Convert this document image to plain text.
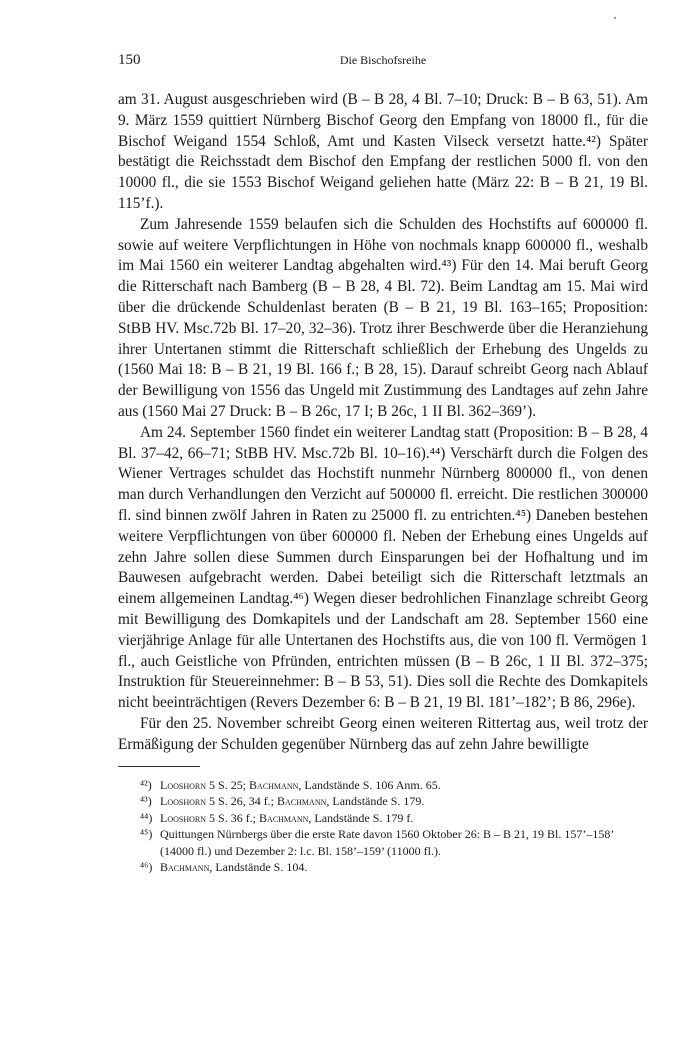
150	Die Bischofsreihe

am 31. August ausgeschrieben wird (B – B 28, 4 Bl. 7–10; Druck: B – B 63, 51). Am 9. März 1559 quittiert Nürnberg Bischof Georg den Empfang von 18000 fl., für die Bischof Weigand 1554 Schloß, Amt und Kasten Vilseck versetzt hatte.⁴²) Später bestätigt die Reichsstadt dem Bischof den Empfang der restlichen 5000 fl. von den 10000 fl., die sie 1553 Bischof Weigand geliehen hatte (März 22: B – B 21, 19 Bl. 115’f.).

Zum Jahresende 1559 belaufen sich die Schulden des Hochstifts auf 600000 fl. sowie auf weitere Verpflichtungen in Höhe von nochmals knapp 600000 fl., weshalb im Mai 1560 ein weiterer Landtag abgehalten wird.⁴³) Für den 14. Mai beruft Georg die Ritterschaft nach Bamberg (B – B 28, 4 Bl. 72). Beim Landtag am 15. Mai wird über die drückende Schuldenlast beraten (B – B 21, 19 Bl. 163–165; Proposition: StBB HV. Msc.72b Bl. 17–20, 32–36). Trotz ihrer Beschwerde über die Heranziehung ihrer Untertanen stimmt die Ritterschaft schließlich der Erhebung des Ungelds zu (1560 Mai 18: B – B 21, 19 Bl. 166 f.; B 28, 15). Darauf schreibt Georg nach Ablauf der Bewilligung von 1556 das Ungeld mit Zustimmung des Landtages auf zehn Jahre aus (1560 Mai 27 Druck: B – B 26c, 17 I; B 26c, 1 II Bl. 362–369’).

Am 24. September 1560 findet ein weiterer Landtag statt (Proposition: B – B 28, 4 Bl. 37–42, 66–71; StBB HV. Msc.72b Bl. 10–16).⁴⁴) Verschärft durch die Folgen des Wiener Vertrages schuldet das Hochstift nunmehr Nürnberg 800000 fl., von denen man durch Verhandlungen den Verzicht auf 500000 fl. erreicht. Die restlichen 300000 fl. sind binnen zwölf Jahren in Raten zu 25000 fl. zu entrichten.⁴⁵) Daneben bestehen weitere Verpflichtungen von über 600000 fl. Neben der Erhebung eines Ungelds auf zehn Jahre sollen diese Summen durch Einsparungen bei der Hofhaltung und im Bauwesen aufgebracht werden. Dabei beteiligt sich die Ritterschaft letztmals an einem allgemeinen Landtag.⁴⁶) Wegen dieser bedrohlichen Finanzlage schreibt Georg mit Bewilligung des Domkapitels und der Landschaft am 28. September 1560 eine vierjährige Anlage für alle Untertanen des Hochstifts aus, die von 100 fl. Vermögen 1 fl., auch Geistliche von Pfründen, entrichten müssen (B – B 26c, 1 II Bl. 372–375; Instruktion für Steuereinnehmer: B – B 53, 51). Dies soll die Rechte des Domkapitels nicht beeinträchtigen (Revers Dezember 6: B – B 21, 19 Bl. 181’–182’; B 86, 296e).

Für den 25. November schreibt Georg einen weiteren Rittertag aus, weil trotz der Ermäßigung der Schulden gegenüber Nürnberg das auf zehn Jahre bewilligte

⁴²) Looshorn 5 S. 25; Bachmann, Landstände S. 106 Anm. 65.
⁴³) Looshorn 5 S. 26, 34 f.; Bachmann, Landstände S. 179.
⁴⁴) Looshorn 5 S. 36 f.; Bachmann, Landstände S. 179 f.
⁴⁵) Quittungen Nürnbergs über die erste Rate davon 1560 Oktober 26: B – B 21, 19 Bl. 157’–158’ (14000 fl.) und Dezember 2: l.c. Bl. 158’–159’ (11000 fl.).
⁴⁶) Bachmann, Landstände S. 104.
